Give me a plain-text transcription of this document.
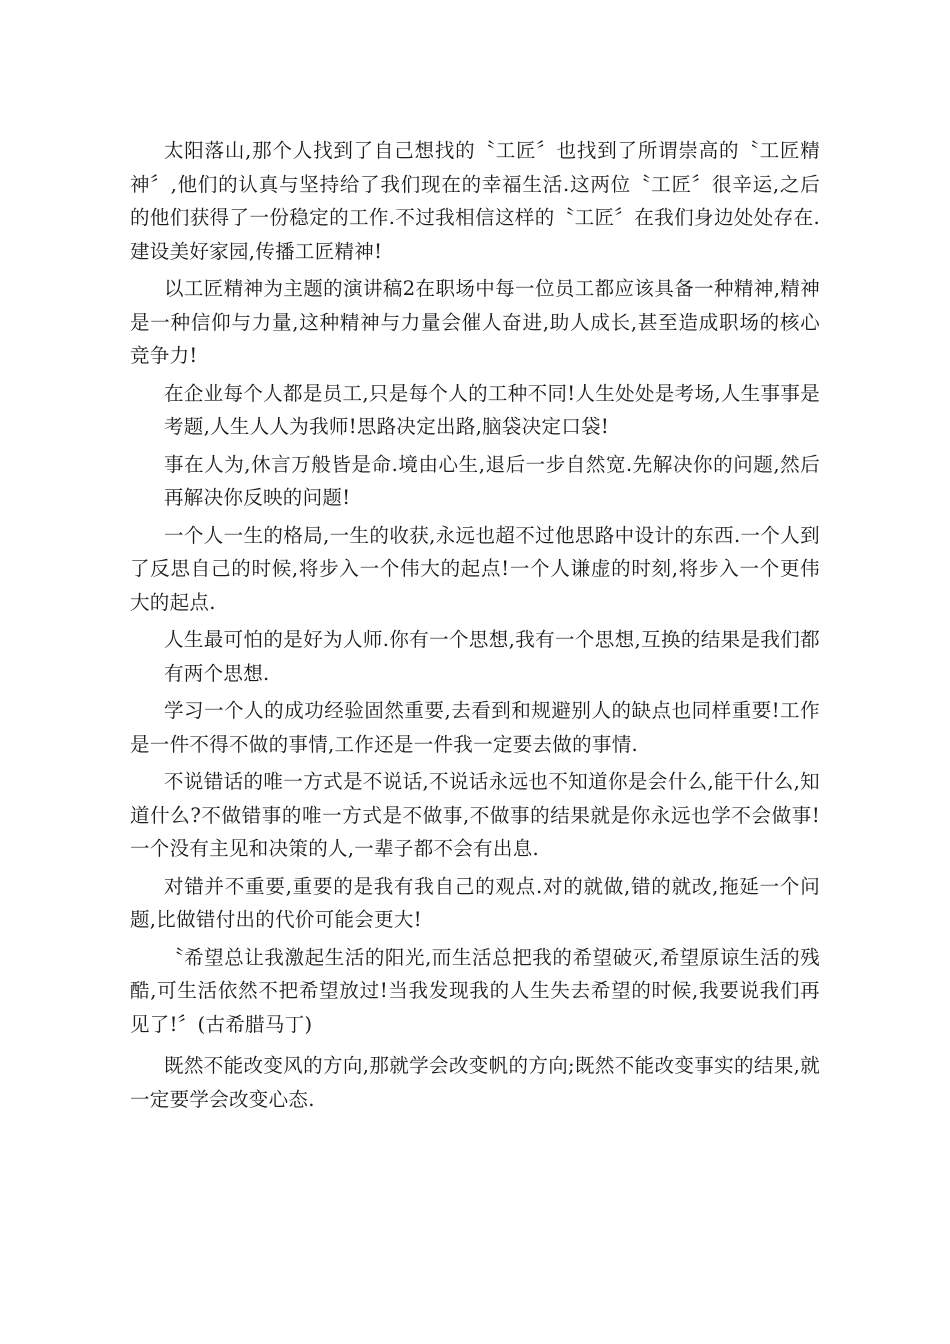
太阳落山,那个人找到了自己想找的〝工匠〞也找到了所谓崇高的〝工匠精神〞,他们的认真与坚持给了我们现在的幸福生活.这两位〝工匠〞很辛运,之后的他们获得了一份稳定的工作.不过我相信这样的〝工匠〞在我们身边处处存在.建设美好家园,传播工匠精神!

以工匠精神为主题的演讲稿2在职场中每一位员工都应该具备一种精神,精神是一种信仰与力量,这种精神与力量会催人奋进,助人成长,甚至造成职场的核心竞争力!

在企业每个人都是员工,只是每个人的工种不同!人生处处是考场,人生事事是考题,人生人人为我师!思路决定出路,脑袋决定口袋!

事在人为,休言万般皆是命.境由心生,退后一步自然宽.先解决你的问题,然后再解决你反映的问题!

一个人一生的格局,一生的收获,永远也超不过他思路中设计的东西.一个人到了反思自己的时候,将步入一个伟大的起点!一个人谦虚的时刻,将步入一个更伟大的起点.

人生最可怕的是好为人师.你有一个思想,我有一个思想,互换的结果是我们都有两个思想.

学习一个人的成功经验固然重要,去看到和规避别人的缺点也同样重要!工作是一件不得不做的事情,工作还是一件我一定要去做的事情.

不说错话的唯一方式是不说话,不说话永远也不知道你是会什么,能干什么,知道什么?不做错事的唯一方式是不做事,不做事的结果就是你永远也学不会做事!一个没有主见和决策的人,一辈子都不会有出息.

对错并不重要,重要的是我有我自己的观点.对的就做,错的就改,拖延一个问题,比做错付出的代价可能会更大!

〝希望总让我激起生活的阳光,而生活总把我的希望破灭,希望原谅生活的残酷,可生活依然不把希望放过!当我发现我的人生失去希望的时候,我要说我们再见了!〞(古希腊马丁)

既然不能改变风的方向,那就学会改变帆的方向;既然不能改变事实的结果,就一定要学会改变心态.
